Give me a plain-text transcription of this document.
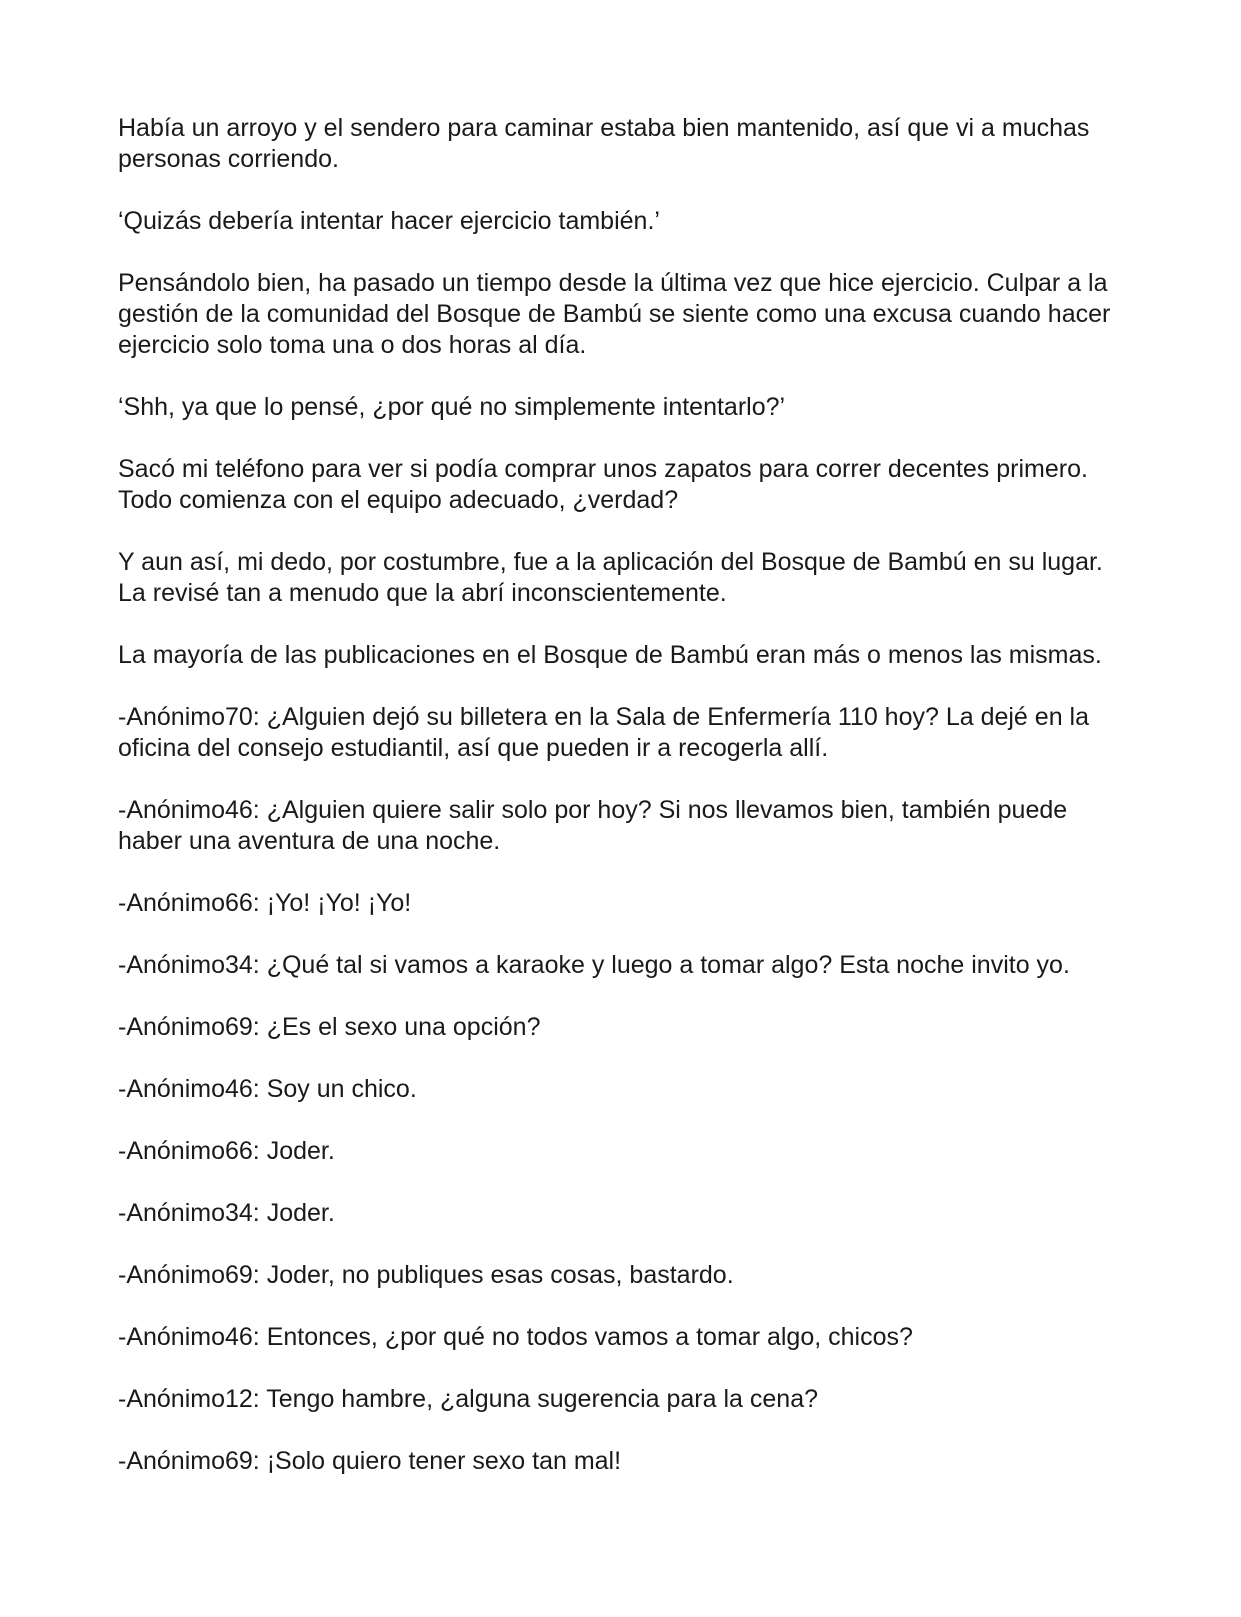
Había un arroyo y el sendero para caminar estaba bien mantenido, así que vi a muchas personas corriendo.

‘Quizás debería intentar hacer ejercicio también.’

Pensándolo bien, ha pasado un tiempo desde la última vez que hice ejercicio. Culpar a la gestión de la comunidad del Bosque de Bambú se siente como una excusa cuando hacer ejercicio solo toma una o dos horas al día.

‘Shh, ya que lo pensé, ¿por qué no simplemente intentarlo?’

Sacó mi teléfono para ver si podía comprar unos zapatos para correr decentes primero. Todo comienza con el equipo adecuado, ¿verdad?

Y aun así, mi dedo, por costumbre, fue a la aplicación del Bosque de Bambú en su lugar. La revisé tan a menudo que la abrí inconscientemente.

La mayoría de las publicaciones en el Bosque de Bambú eran más o menos las mismas.

-Anónimo70: ¿Alguien dejó su billetera en la Sala de Enfermería 110 hoy? La dejé en la oficina del consejo estudiantil, así que pueden ir a recogerla allí.

-Anónimo46: ¿Alguien quiere salir solo por hoy? Si nos llevamos bien, también puede haber una aventura de una noche.

-Anónimo66: ¡Yo! ¡Yo! ¡Yo!

-Anónimo34: ¿Qué tal si vamos a karaoke y luego a tomar algo? Esta noche invito yo.

-Anónimo69: ¿Es el sexo una opción?

-Anónimo46: Soy un chico.

-Anónimo66: Joder.

-Anónimo34: Joder.

-Anónimo69: Joder, no publiques esas cosas, bastardo.

-Anónimo46: Entonces, ¿por qué no todos vamos a tomar algo, chicos?

-Anónimo12: Tengo hambre, ¿alguna sugerencia para la cena?

-Anónimo69: ¡Solo quiero tener sexo tan mal!
